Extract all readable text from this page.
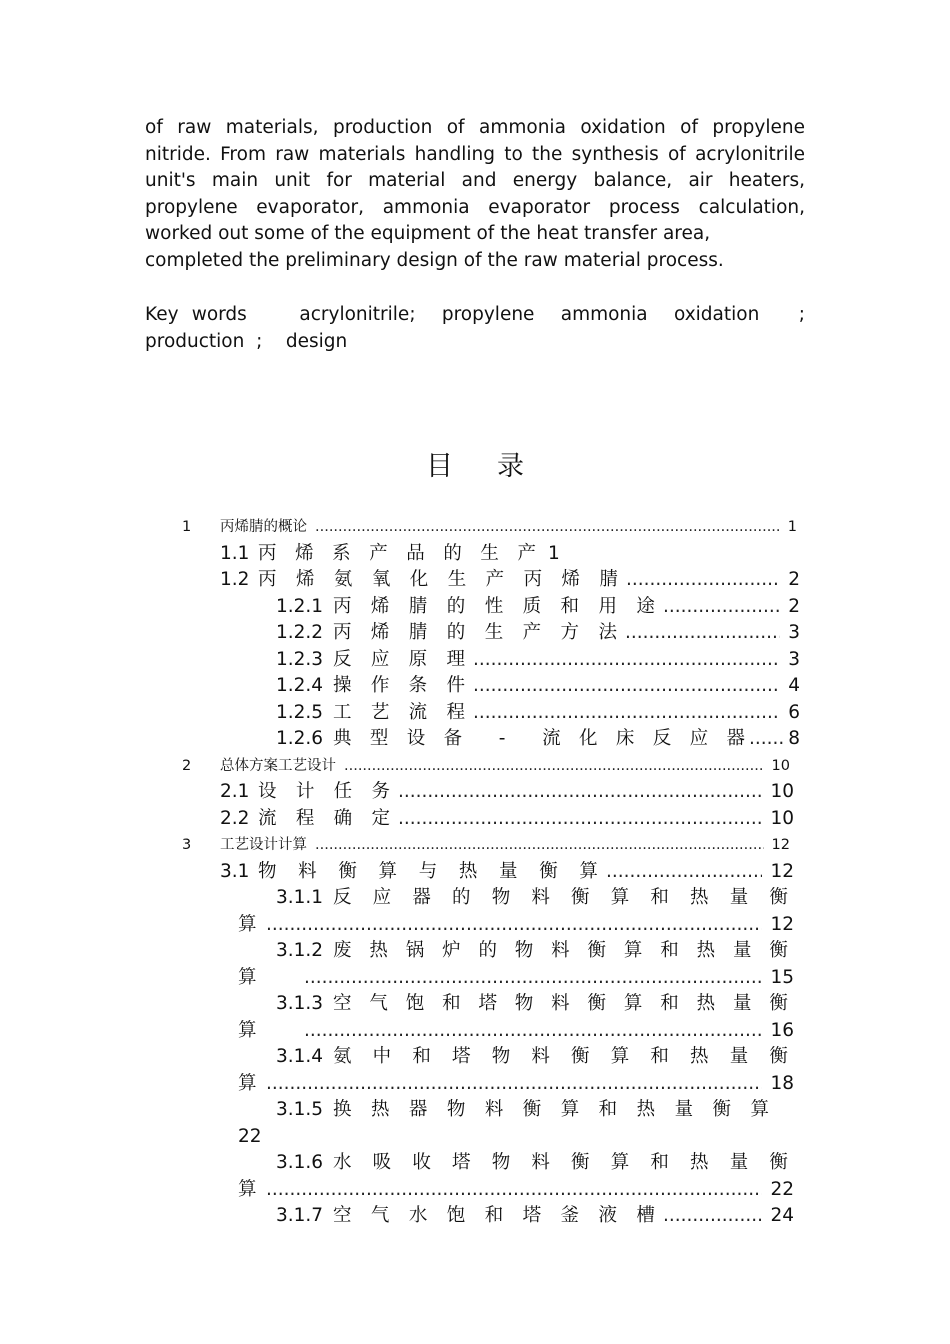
of raw materials, production of ammonia oxidation of propylene nitride. From raw materials handling to the synthesis of acrylonitrile unit's main unit for material and energy balance, air heaters, propylene evaporator, ammonia evaporator process calculation, worked out some of the equipment of the heat transfer area,

completed the preliminary design of the raw material process.

Key words    acrylonitrile;  propylene  ammonia  oxidation   ;  production  ;    design
目录
1	丙烯腈的概论 .....	1
1.1 丙 烯 系 产 品 的 生 产 1
1.2 丙 烯 氨 氧 化 生 产 丙 烯 腈 .....	2
1.2.1 丙 烯 腈 的 性 质 和 用 途 .....	2
1.2.2 丙 烯 腈 的 生 产 方 法 .....	3
1.2.3 反 应 原 理 .....	3
1.2.4 操 作 条 件 .....	4
1.2.5 工 艺 流 程 .....	6
1.2.6 典 型 设 备 - 流 化 床 反 应 器 ..... 8
2	总体方案工艺设计 .....	10
2.1 设 计 任 务 .....	10
2.2 流 程 确 定 .....	10
3	工艺设计计算 .....	12
3.1 物 料 衡 算 与 热 量 衡 算 .....	12
3.1.1 反 应 器 的 物 料 衡 算 和 热 量 衡
算 .....	12
3.1.2 废 热 锅 炉 的 物 料 衡 算 和 热 量 衡
算 .....	15
3.1.3 空 气 饱 和 塔 物 料 衡 算 和 热 量 衡
算 .....	16
3.1.4 氨 中 和 塔 物 料 衡 算 和 热 量 衡
算 .....	18
3.1.5 换 热 器 物 料 衡 算 和 热 量 衡 算
22
3.1.6 水 吸 收 塔 物 料 衡 算 和 热 量 衡
算 .....	22
3.1.7 空 气 水 饱 和 塔 釜 液 槽 .....	24
